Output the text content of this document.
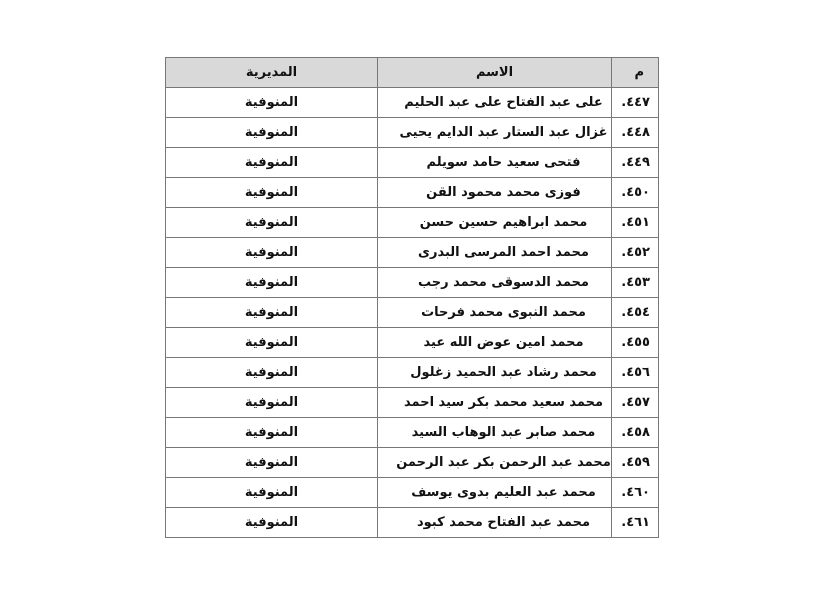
م	الاسم	المديرية
٤٤٧.	على عبد الفتاح على عبد الحليم	المنوفية
٤٤٨.	غزال عبد الستار عبد الدايم يحيى	المنوفية
٤٤٩.	فتحى سعيد حامد سويلم	المنوفية
٤٥٠.	فوزى محمد محمود القن	المنوفية
٤٥١.	محمد ابراهيم حسين حسن	المنوفية
٤٥٢.	محمد احمد المرسى البدرى	المنوفية
٤٥٣.	محمد الدسوقى محمد رجب	المنوفية
٤٥٤.	محمد النبوى محمد فرحات	المنوفية
٤٥٥.	محمد امين عوض الله عيد	المنوفية
٤٥٦.	محمد رشاد عبد الحميد زغلول	المنوفية
٤٥٧.	محمد سعيد محمد بكر سيد احمد	المنوفية
٤٥٨.	محمد صابر عبد الوهاب السيد	المنوفية
٤٥٩.	محمد عبد الرحمن بكر عبد الرحمن	المنوفية
٤٦٠.	محمد عبد العليم بدوى يوسف	المنوفية
٤٦١.	محمد عبد الفتاح محمد كبود	المنوفية
